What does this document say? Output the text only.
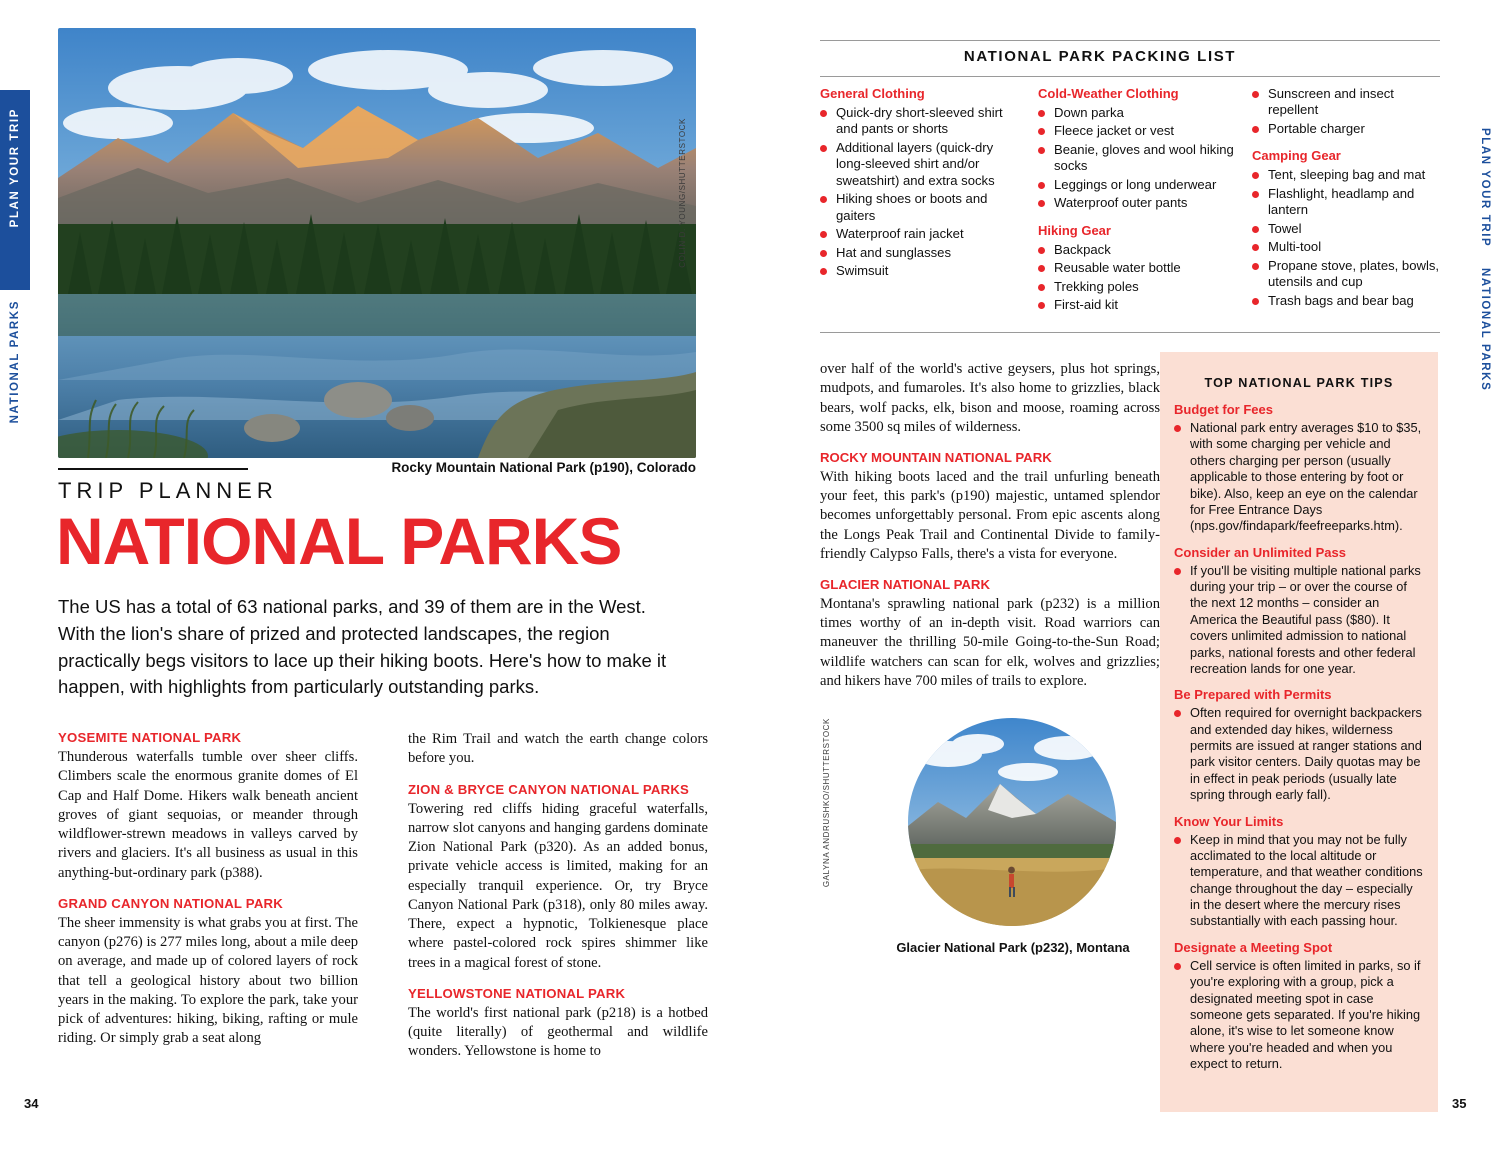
PLAN YOUR TRIP
NATIONAL PARKS
PLAN YOUR TRIP
NATIONAL PARKS
COLIN D. YOUNG/SHUTTERSTOCK
Rocky Mountain National Park (p190), Colorado
TRIP PLANNER
NATIONAL PARKS
The US has a total of 63 national parks, and 39 of them are in the West. With the lion's share of prized and protected landscapes, the region practically begs visitors to lace up their hiking boots. Here's how to make it happen, with highlights from particularly outstanding parks.
YOSEMITE NATIONAL PARK

Thunderous waterfalls tumble over sheer cliffs. Climbers scale the enormous granite domes of El Cap and Half Dome. Hikers walk beneath ancient groves of giant sequoias, or meander through wildflower-strewn meadows in valleys carved by rivers and glaciers. It's all business as usual in this anything-but-ordinary park (p388).

GRAND CANYON NATIONAL PARK

The sheer immensity is what grabs you at first. The canyon (p276) is 277 miles long, about a mile deep on average, and made up of colored layers of rock that tell a geological history about two billion years in the making. To explore the park, take your pick of adventures: hiking, biking, rafting or mule riding. Or simply grab a seat along

the Rim Trail and watch the earth change colors before you.

ZION & BRYCE CANYON NATIONAL PARKS

Towering red cliffs hiding graceful waterfalls, narrow slot canyons and hanging gardens dominate Zion National Park (p320). As an added bonus, private vehicle access is limited, making for an especially tranquil experience. Or, try Bryce Canyon National Park (p318), only 80 miles away. There, expect a hypnotic, Tolkienesque place where pastel-colored rock spires shimmer like trees in a magical forest of stone.

YELLOWSTONE NATIONAL PARK

The world's first national park (p218) is a hotbed (quite literally) of geothermal and wildlife wonders. Yellowstone is home to

34
NATIONAL PARK PACKING LIST
General Clothing
Quick-dry short-sleeved shirt and pants or shorts
Additional layers (quick-dry long-sleeved shirt and/or sweatshirt) and extra socks
Hiking shoes or boots and gaiters
Waterproof rain jacket
Hat and sunglasses
Swimsuit
Cold-Weather Clothing
Down parka
Fleece jacket or vest
Beanie, gloves and wool hiking socks
Leggings or long underwear
Waterproof outer pants
Hiking Gear
Backpack
Reusable water bottle
Trekking poles
First-aid kit
Sunscreen and insect repellent
Portable charger
Camping Gear
Tent, sleeping bag and mat
Flashlight, headlamp and lantern
Towel
Multi-tool
Propane stove, plates, bowls, utensils and cup
Trash bags and bear bag

over half of the world's active geysers, plus hot springs, mudpots, and fumaroles. It's also home to grizzlies, black bears, wolf packs, elk, bison and moose, roaming across some 3500 sq miles of wilderness.

ROCKY MOUNTAIN NATIONAL PARK

With hiking boots laced and the trail unfurling beneath your feet, this park's (p190) majestic, untamed splendor becomes unforgettably personal. From epic ascents along the Longs Peak Trail and Continental Divide to family-friendly Calypso Falls, there's a vista for everyone.

GLACIER NATIONAL PARK

Montana's sprawling national park (p232) is a million times worthy of an in-depth visit. Road warriors can maneuver the thrilling 50-mile Going-to-the-Sun Road; wildlife watchers can scan for elk, wolves and grizzlies; and hikers have 700 miles of trails to explore.

GALYNA ANDRUSHKO/SHUTTERSTOCK
Glacier National Park (p232), Montana
TOP NATIONAL PARK TIPS
Budget for Fees
National park entry averages $10 to $35, with some charging per vehicle and others charging per person (usually applicable to those entering by foot or bike). Also, keep an eye on the calendar for Free Entrance Days (nps.gov/findapark/feefreeparks.htm).
Consider an Unlimited Pass
If you'll be visiting multiple national parks during your trip – or over the course of the next 12 months – consider an America the Beautiful pass ($80). It covers unlimited admission to national parks, national forests and other federal recreation lands for one year.
Be Prepared with Permits
Often required for overnight backpackers and extended day hikes, wilderness permits are issued at ranger stations and park visitor centers. Daily quotas may be in effect in peak periods (usually late spring through early fall).
Know Your Limits
Keep in mind that you may not be fully acclimated to the local altitude or temperature, and that weather conditions change throughout the day – especially in the desert where the mercury rises substantially with each passing hour.
Designate a Meeting Spot
Cell service is often limited in parks, so if you're exploring with a group, pick a designated meeting spot in case someone gets separated. If you're hiking alone, it's wise to let someone know where you're headed and when you expect to return.
35
